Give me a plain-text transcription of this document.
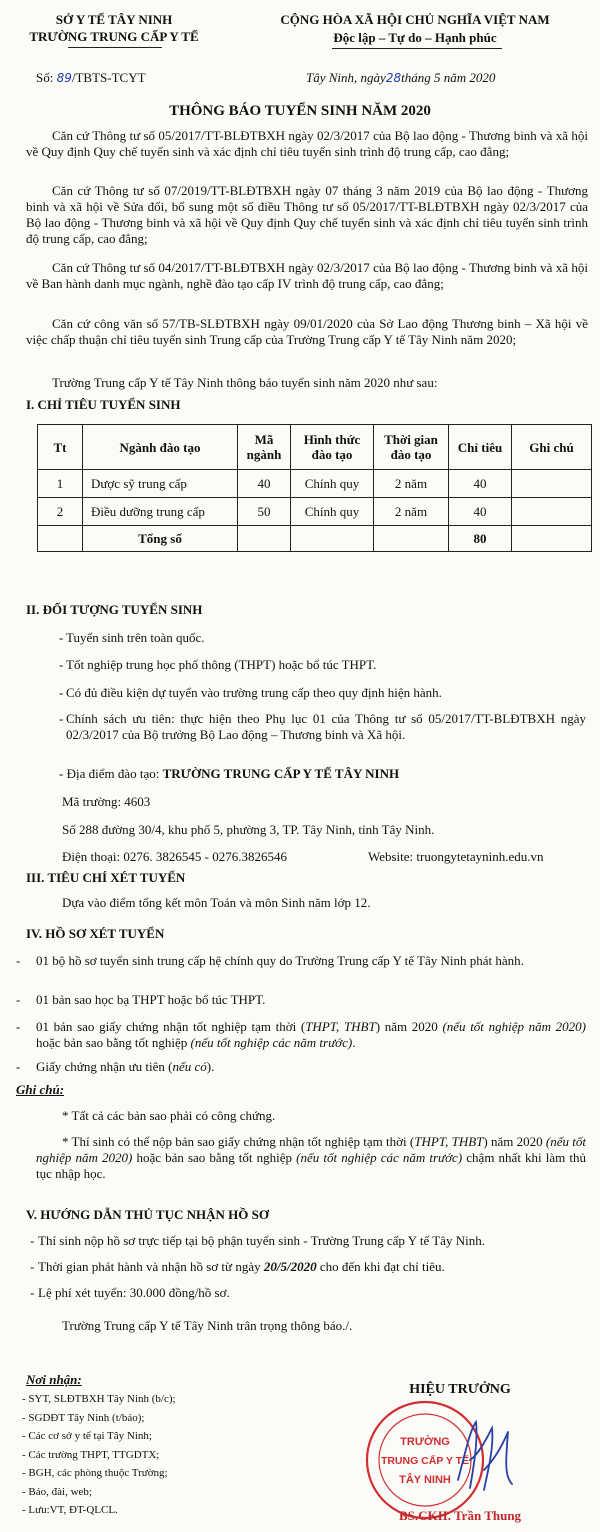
SỞ Y TẾ TÂY NINH
TRƯỜNG TRUNG CẤP Y TẾ
CỘNG HÒA XÃ HỘI CHỦ NGHĨA VIỆT NAM
Độc lập – Tự do – Hạnh phúc
Số: 89/TBTS-TCYT	Tây Ninh, ngày28tháng 5 năm 2020
THÔNG BÁO TUYỂN SINH NĂM 2020
Căn cứ Thông tư số 05/2017/TT-BLĐTBXH ngày 02/3/2017 của Bộ lao động - Thương binh và xã hội về Quy định Quy chế tuyển sinh và xác định chỉ tiêu tuyển sinh trình độ trung cấp, cao đẳng;
Căn cứ Thông tư số 07/2019/TT-BLĐTBXH ngày 07 tháng 3 năm 2019 của Bộ lao động - Thương binh và xã hội về Sửa đổi, bổ sung một số điều Thông tư số 05/2017/TT-BLĐTBXH ngày 02/3/2017 của Bộ lao động - Thương binh và xã hội về Quy định Quy chế tuyển sinh và xác định chỉ tiêu tuyển sinh trình độ trung cấp, cao đẳng;
Căn cứ Thông tư số 04/2017/TT-BLĐTBXH ngày 02/3/2017 của Bộ lao động - Thương binh và xã hội về Ban hành danh mục ngành, nghề đào tạo cấp IV trình độ trung cấp, cao đẳng;
Căn cứ công văn số 57/TB-SLĐTBXH ngày 09/01/2020 của Sở Lao động Thương binh – Xã hội về việc chấp thuận chỉ tiêu tuyển sinh Trung cấp của Trường Trung cấp Y tế Tây Ninh năm 2020;
Trường Trung cấp Y tế Tây Ninh thông báo tuyển sinh năm 2020 như sau:
I. CHỈ TIÊU TUYỂN SINH
Tt	Ngành đào tạo	Mã ngành	Hình thức đào tạo	Thời gian đào tạo	Chỉ tiêu	Ghi chú
1	Dược sỹ trung cấp	40	Chính quy	2 năm	40	
2	Điều dưỡng trung cấp	50	Chính quy	2 năm	40	
	Tổng số				80	
II. ĐỐI TƯỢNG TUYỂN SINH
- Tuyển sinh trên toàn quốc.
- Tốt nghiệp trung học phổ thông (THPT) hoặc bổ túc THPT.
- Có đủ điều kiện dự tuyển vào trường trung cấp theo quy định hiện hành.
- Chính sách ưu tiên: thực hiện theo Phụ lục 01 của Thông tư số 05/2017/TT-BLĐTBXH ngày 02/3/2017 của Bộ trưởng Bộ Lao động – Thương binh và Xã hội.
- Địa điểm đào tạo: TRƯỜNG TRUNG CẤP Y TẾ TÂY NINH
Mã trường: 4603
Số 288 đường 30/4, khu phố 5, phường 3, TP. Tây Ninh, tỉnh Tây Ninh.
Điện thoại: 0276. 3826545 - 0276.3826546	Website: truongytetayninh.edu.vn
III. TIÊU CHÍ XÉT TUYỂN
Dựa vào điểm tổng kết môn Toán và môn Sinh năm lớp 12.
IV. HỒ SƠ XÉT TUYỂN
- 01 bộ hồ sơ tuyển sinh trung cấp hệ chính quy do Trường Trung cấp Y tế Tây Ninh phát hành.
- 01 bản sao học bạ THPT hoặc bổ túc THPT.
- 01 bản sao giấy chứng nhận tốt nghiệp tạm thời (THPT, THBT) năm 2020 (nếu tốt nghiệp năm 2020) hoặc bản sao bằng tốt nghiệp (nếu tốt nghiệp các năm trước).
- Giấy chứng nhận ưu tiên (nếu có).
Ghi chú:
* Tất cả các bản sao phải có công chứng.
* Thí sinh có thể nộp bản sao giấy chứng nhận tốt nghiệp tạm thời (THPT, THBT) năm 2020 (nếu tốt nghiệp năm 2020) hoặc bản sao bằng tốt nghiệp (nếu tốt nghiệp các năm trước) chậm nhất khi làm thủ tục nhập học.
V. HƯỚNG DẪN THỦ TỤC NHẬN HỒ SƠ
- Thí sinh nộp hồ sơ trực tiếp tại bộ phận tuyển sinh - Trường Trung cấp Y tế Tây Ninh.
- Thời gian phát hành và nhận hồ sơ từ ngày 20/5/2020 cho đến khi đạt chỉ tiêu.
- Lệ phí xét tuyển: 30.000 đồng/hồ sơ.
Trường Trung cấp Y tế Tây Ninh trân trọng thông báo./.
Nơi nhận:
- SYT, SLĐTBXH Tây Ninh (b/c);
- SGDĐT Tây Ninh (t/báo);
- Các cơ sở y tế tại Tây Ninh;
- Các trường THPT, TTGDTX;
- BGH, các phòng thuộc Trường;
- Báo, đài, web;
- Lưu:VT, ĐT-QLCL.
HIỆU TRƯỞNG
TRƯỜNG
TRUNG CẤP Y TẾ
TÂY NINH
BS.CKII. Trần Thung
